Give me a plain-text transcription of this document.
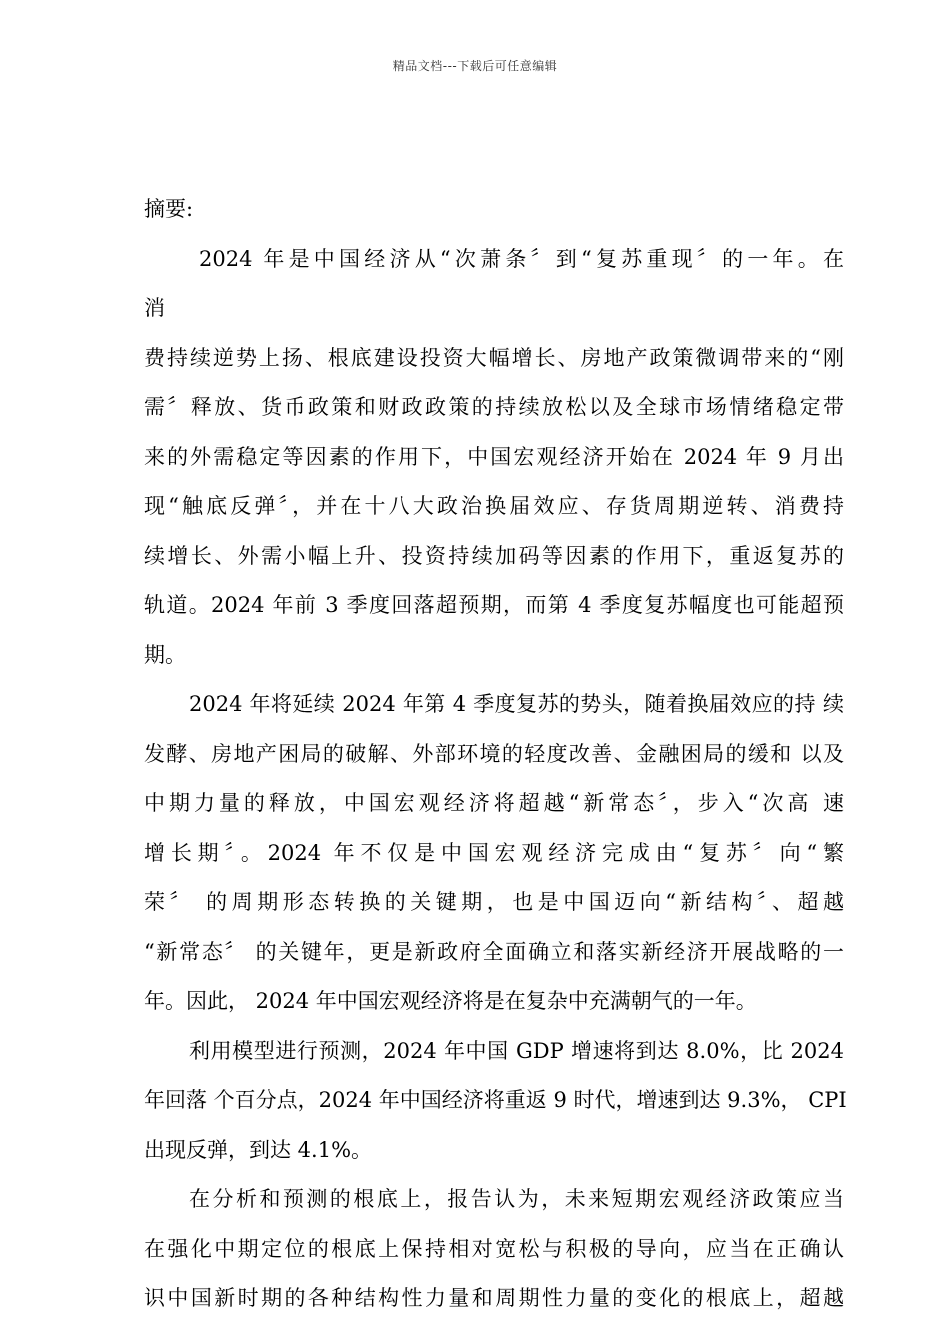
精品文档---下载后可任意编辑
摘要:
2024 年是中国经济从“次萧条〞到“复苏重现〞的一年。在
消
费持续逆势上扬、根底建设投资大幅增长、房地产政策微调带来的“刚
需〞释放、货币政策和财政政策的持续放松以及全球市场情绪稳定带
来的外需稳定等因素的作用下，中国宏观经济开始在 2024 年 9 月出
现“触底反弹〞，并在十八大政治换届效应、存货周期逆转、消费持
续增长、外需小幅上升、投资持续加码等因素的作用下，重返复苏的
轨道。2024 年前 3 季度回落超预期，而第 4 季度复苏幅度也可能超预
期。
2024 年将延续 2024 年第 4 季度复苏的势头，随着换届效应的持 续
发酵、房地产困局的破解、外部环境的轻度改善、金融困局的缓和 以及
中期力量的释放，中国宏观经济将超越“新常态〞，步入“次高 速
增长期〞。2024 年不仅是中国宏观经济完成由“复苏〞向“繁
荣〞 的周期形态转换的关键期，也是中国迈向“新结构〞、超越
“新常态〞 的关键年，更是新政府全面确立和落实新经济开展战略的一
年。因此， 2024 年中国宏观经济将是在复杂中充满朝气的一年。
利用模型进行预测，2024 年中国 GDP 增速将到达 8.0%，比 2024
年回落 个百分点，2024 年中国经济将重返 9 时代，增速到达 9.3%， CPI
出现反弹，到达 4.1%。
在分析和预测的根底上，报告认为，未来短期宏观经济政策应当
在强化中期定位的根底上保持相对宽松与积极的导向，应当在正确认
识中国新时期的各种结构性力量和周期性力量的变化的根底上，超越
